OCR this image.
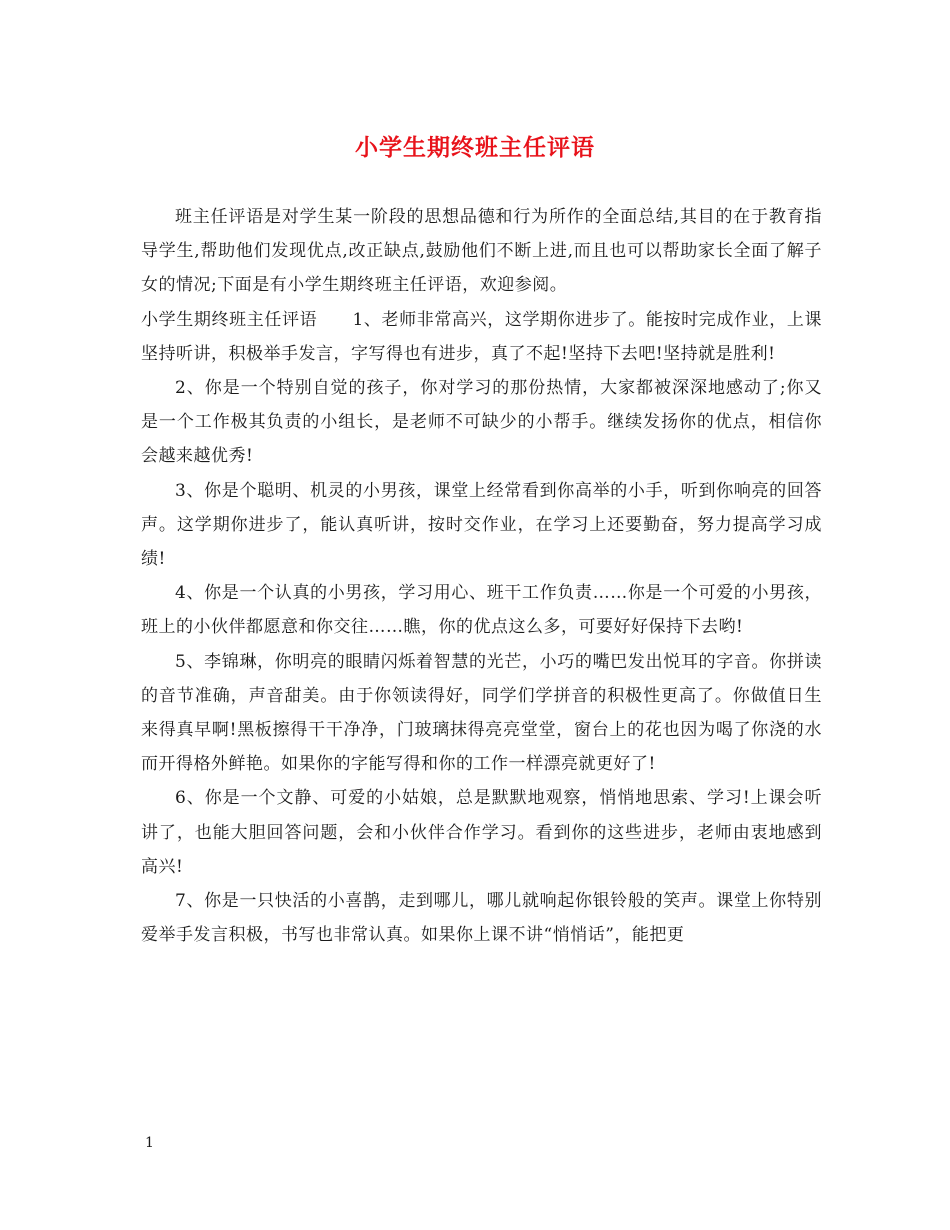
小学生期终班主任评语

班主任评语是对学生某一阶段的思想品德和行为所作的全面总结,其目的在于教育指导学生,帮助他们发现优点,改正缺点,鼓励他们不断上进,而且也可以帮助家长全面了解子女的情况;下面是有小学生期终班主任评语，欢迎参阅。

小学生期终班主任评语　　1、老师非常高兴，这学期你进步了。能按时完成作业，上课坚持听讲，积极举手发言，字写得也有进步，真了不起!坚持下去吧!坚持就是胜利!

2、你是一个特别自觉的孩子，你对学习的那份热情，大家都被深深地感动了;你又是一个工作极其负责的小组长，是老师不可缺少的小帮手。继续发扬你的优点，相信你会越来越优秀!

3、你是个聪明、机灵的小男孩，课堂上经常看到你高举的小手，听到你响亮的回答声。这学期你进步了，能认真听讲，按时交作业，在学习上还要勤奋，努力提高学习成绩!

4、你是一个认真的小男孩，学习用心、班干工作负责……你是一个可爱的小男孩，班上的小伙伴都愿意和你交往……瞧，你的优点这么多，可要好好保持下去哟!

5、李锦琳，你明亮的眼睛闪烁着智慧的光芒，小巧的嘴巴发出悦耳的字音。你拼读的音节准确，声音甜美。由于你领读得好，同学们学拼音的积极性更高了。你做值日生来得真早啊!黑板擦得干干净净，门玻璃抹得亮亮堂堂，窗台上的花也因为喝了你浇的水而开得格外鲜艳。如果你的字能写得和你的工作一样漂亮就更好了!

6、你是一个文静、可爱的小姑娘，总是默默地观察，悄悄地思索、学习!上课会听讲了，也能大胆回答问题，会和小伙伴合作学习。看到你的这些进步，老师由衷地感到高兴!

7、你是一只快活的小喜鹊，走到哪儿，哪儿就响起你银铃般的笑声。课堂上你特别爱举手发言积极，书写也非常认真。如果你上课不讲“悄悄话”，能把更

1
